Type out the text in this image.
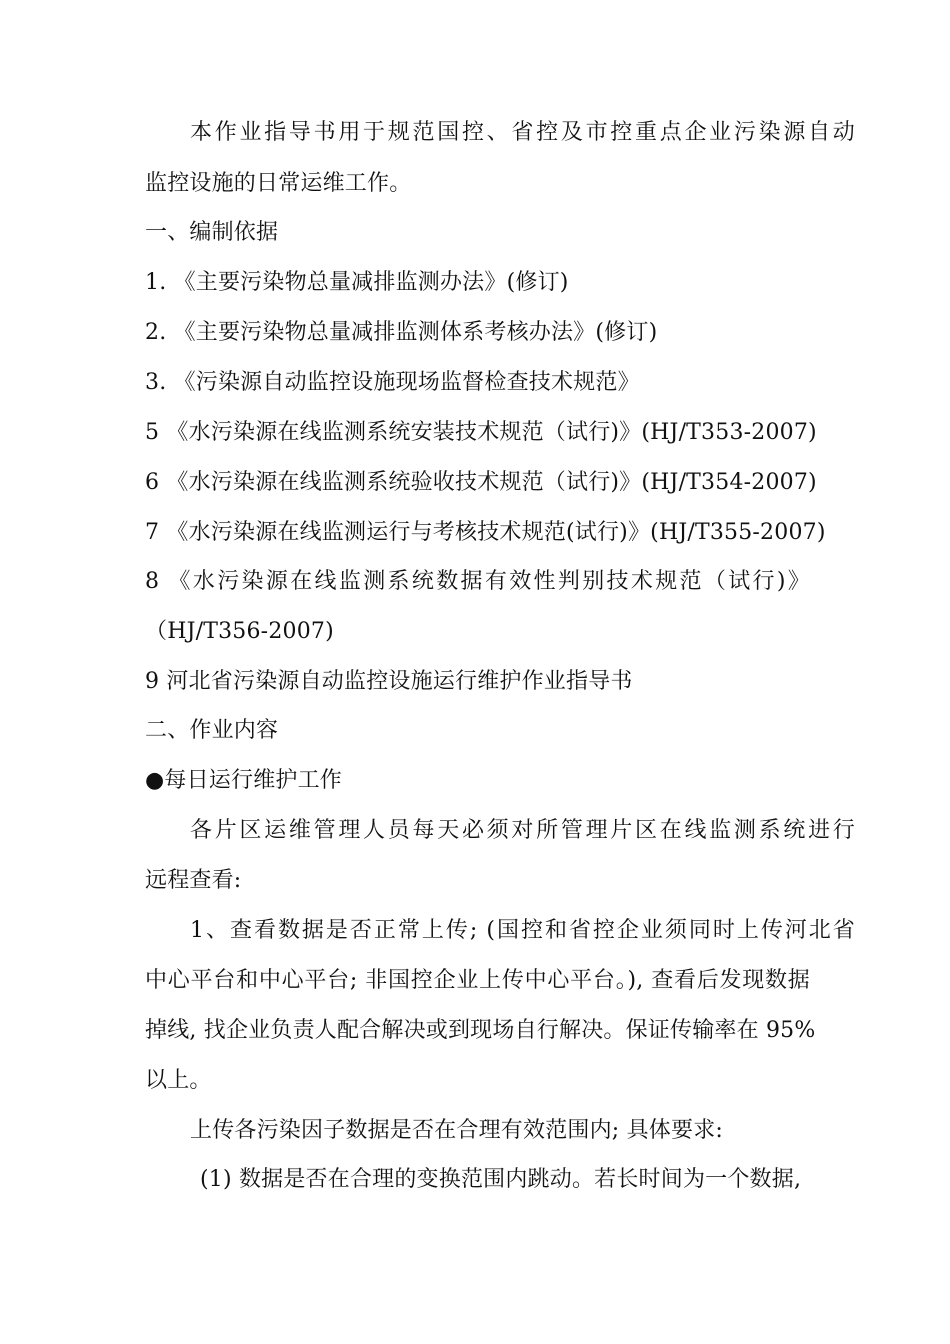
本作业指导书用于规范国控、省控及市控重点企业污染源自动
监控设施的日常运维工作。
一、编制依据
1. 《主要污染物总量减排监测办法》(修订)
2. 《主要污染物总量减排监测体系考核办法》(修订)
3. 《污染源自动监控设施现场监督检查技术规范》
5 《水污染源在线监测系统安装技术规范（试行)》(HJ/T353-2007)
6 《水污染源在线监测系统验收技术规范（试行)》(HJ/T354-2007)
7 《水污染源在线监测运行与考核技术规范(试行)》(HJ/T355-2007)
8 《水污染源在线监测系统数据有效性判别技术规范（试行)》
（HJ/T356-2007)
9 河北省污染源自动监控设施运行维护作业指导书
二、作业内容
●每日运行维护工作
各片区运维管理人员每天必须对所管理片区在线监测系统进行
远程查看:
1、查看数据是否正常上传; (国控和省控企业须同时上传河北省
中心平台和中心平台; 非国控企业上传中心平台。), 查看后发现数据
掉线, 找企业负责人配合解决或到现场自行解决。保证传输率在 95%
以上。
上传各污染因子数据是否在合理有效范围内; 具体要求:
(1) 数据是否在合理的变换范围内跳动。若长时间为一个数据,
